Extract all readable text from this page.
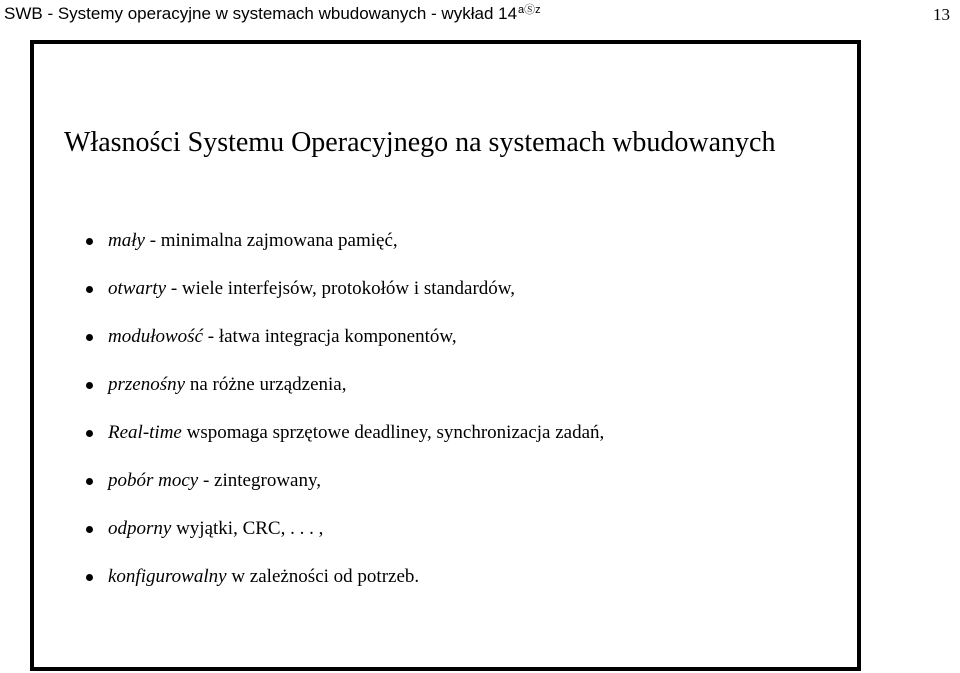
SWB - Systemy operacyjne w systemach wbudowanych - wykład $14^{aⓈz}$	13
Własności Systemu Operacyjnego na systemach wbudowanych
mały - minimalna zajmowana pamięć,
otwarty - wiele interfejsów, protokołów i standardów,
modułowość - łatwa integracja komponentów,
przenośny na różne urządzenia,
Real-time wspomaga sprzętowe deadliney, synchronizacja zadań,
pobór mocy - zintegrowany,
odporny wyjątki, CRC, . . . ,
konfigurowalny w zależności od potrzeb.
